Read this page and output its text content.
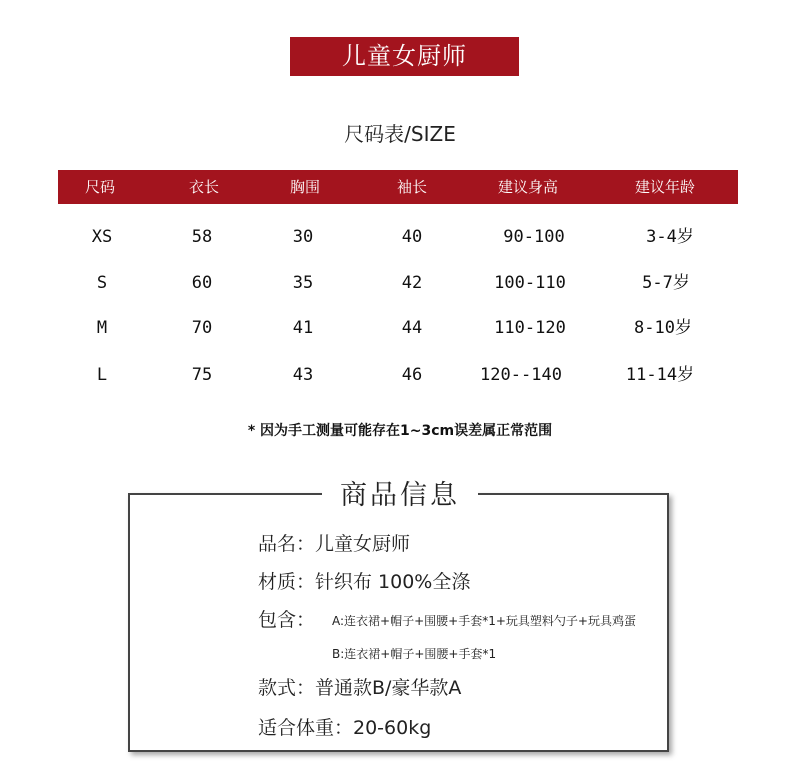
儿童女厨师
尺码表/SIZE
尺码	衣长	胸围	袖长	建议身高	建议年龄
XS	58	30	40	90-100	3-4岁
S	60	35	42	100-110	5-7岁
M	70	41	44	110-120	8-10岁
L	75	43	46	120--140	11-14岁
* 因为手工测量可能存在1~3cm误差属正常范围
商品信息
品名：儿童女厨师
材质：针织布 100%全涤
包含： A:连衣裙+帽子+围腰+手套*1+玩具塑料勺子+玩具鸡蛋
B:连衣裙+帽子+围腰+手套*1
款式：普通款B/豪华款A
适合体重：20-60kg
